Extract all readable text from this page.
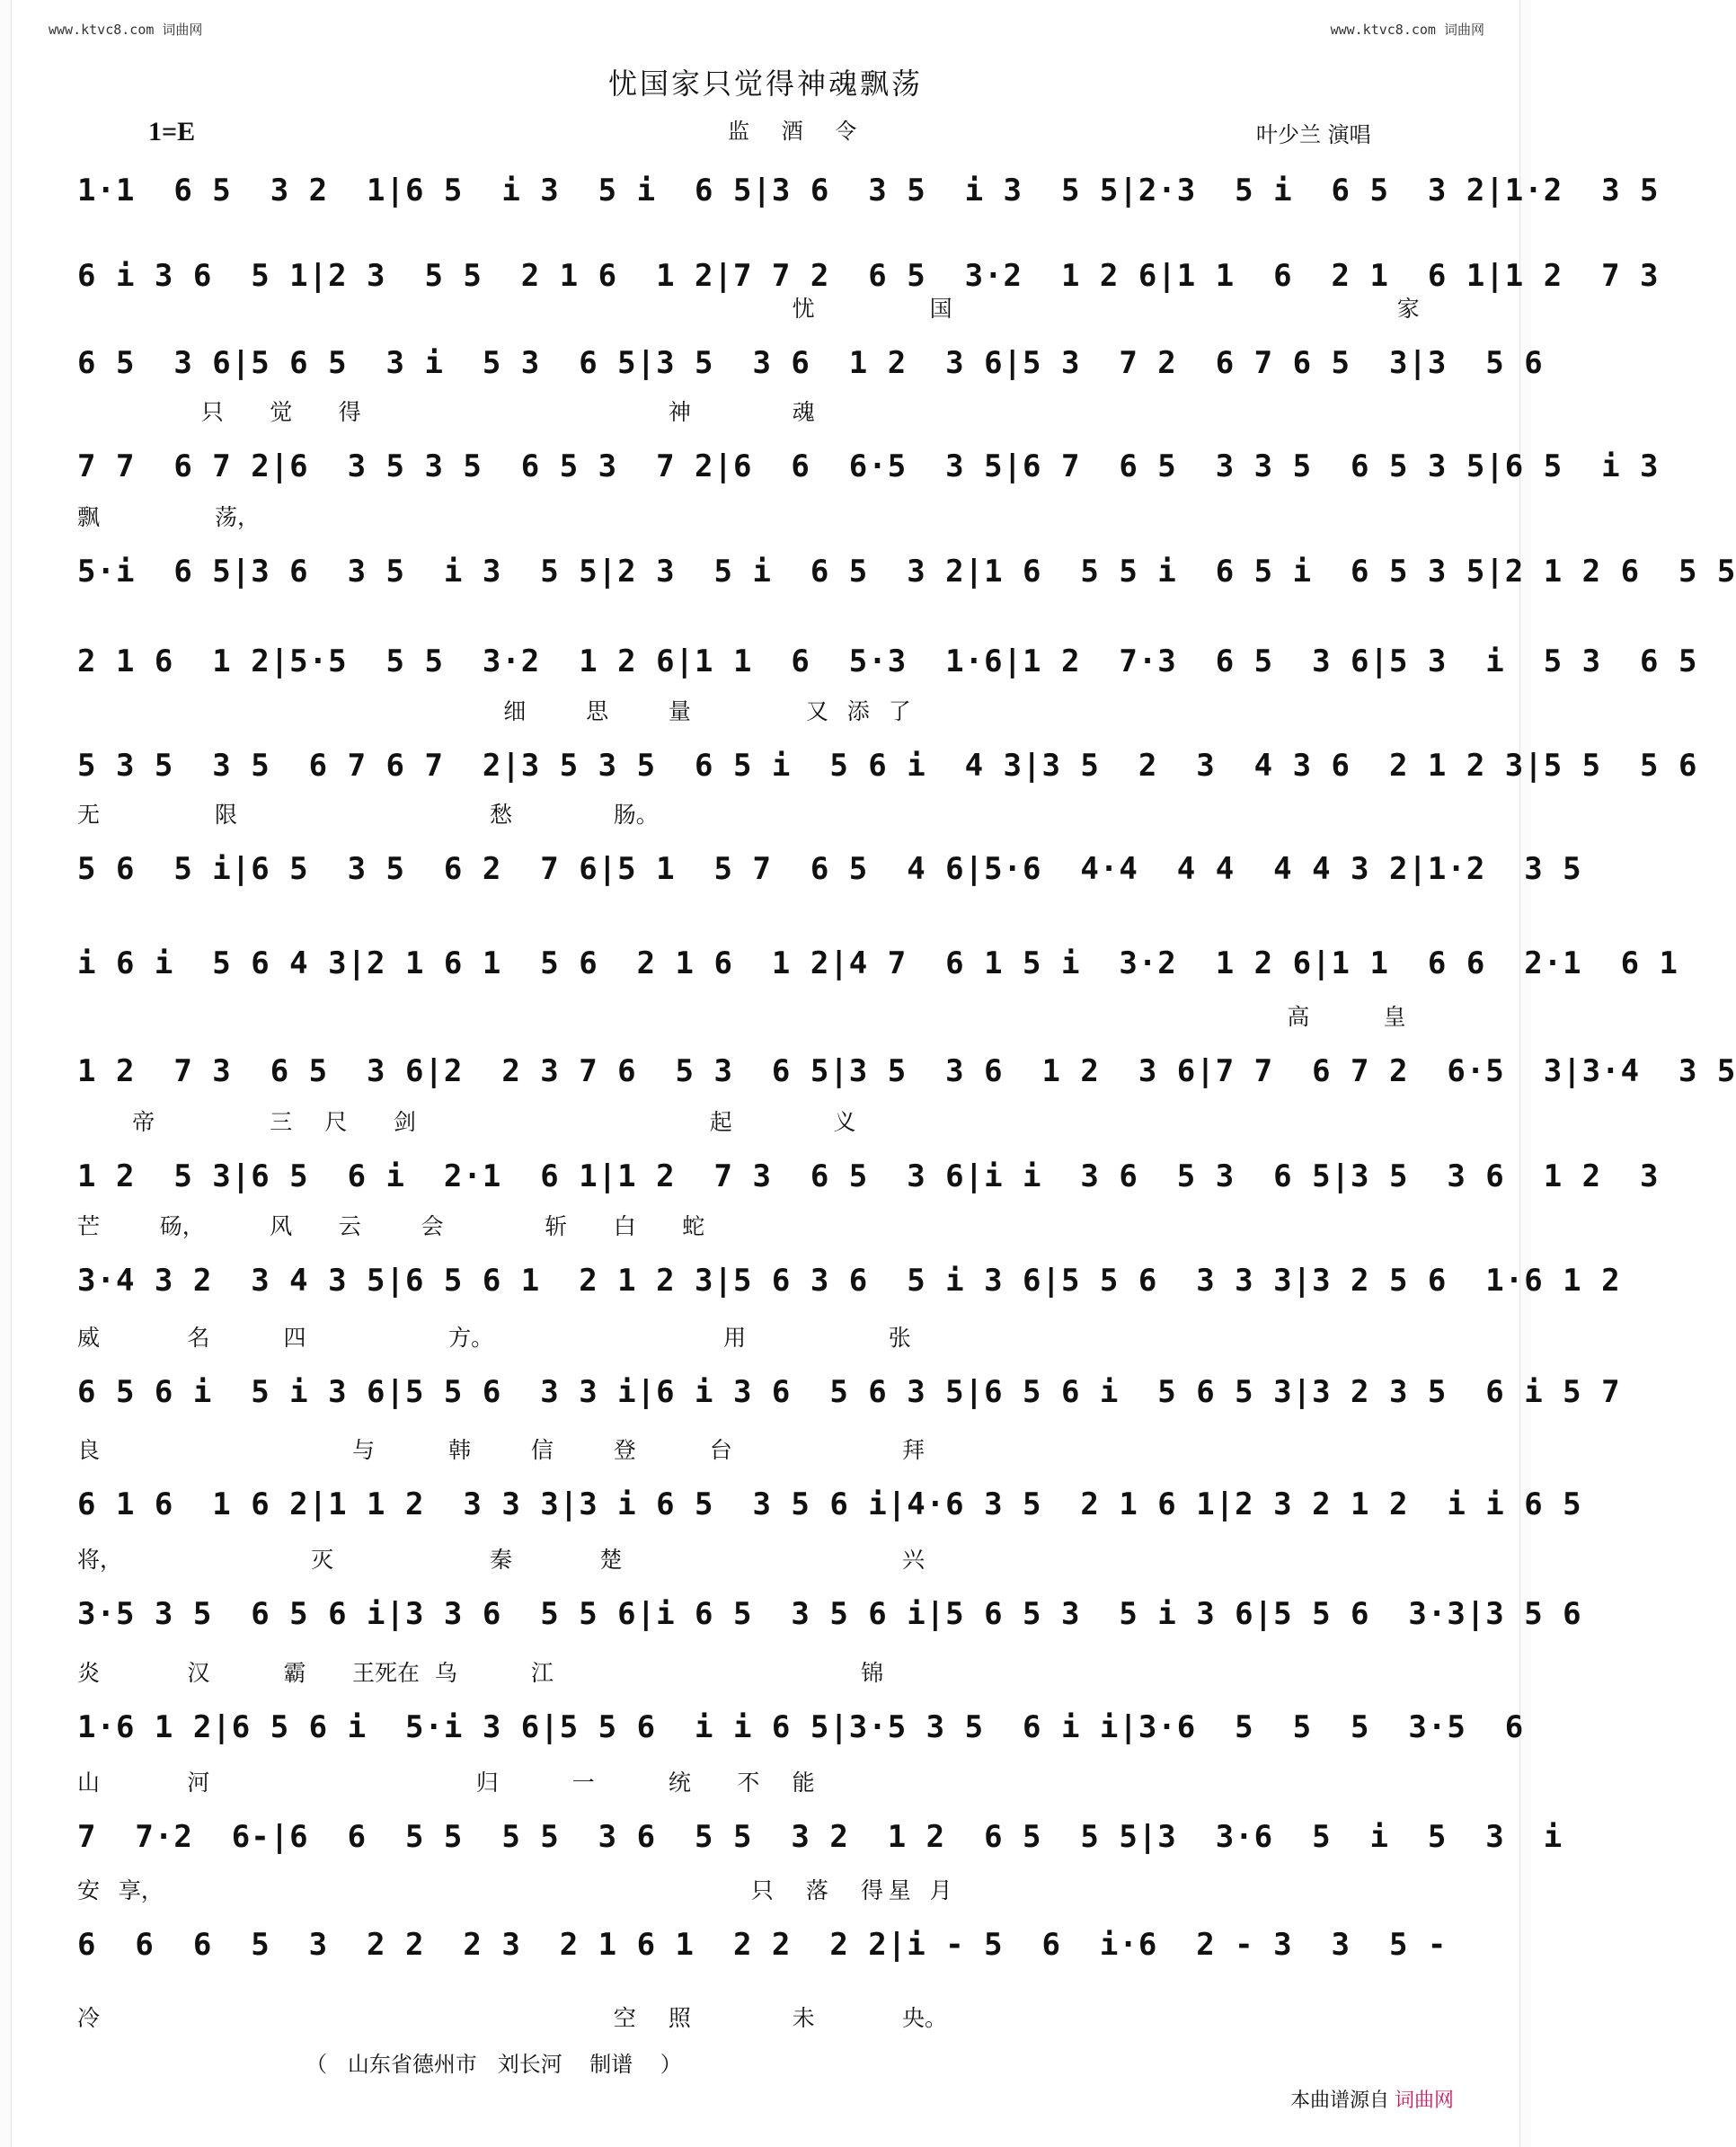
www.ktvc8.com 词曲网	www.ktvc8.com 词曲网
忧国家只觉得神魂飘荡
1=E	监 酒 令	叶少兰 演唱
1·1  6 5  3 2  1|6 5  i 3  5 i  6 5|3 6  3 5  i 3  5 5|2·3  5 i  6 5  3 2|1·2  3 5
6 i 3 6  5 1|2 3  5 5  2 1 6  1 2|7 7 2  6 5  3·2  1 2 6|1 1  6  2 1  6 1|1 2  7 3
6 5  3 6|5 6 5  3 i  5 3  6 5|3 5  3 6  1 2  3 6|5 3  7 2  6 7 6 5  3|3  5 6
忧	国	家
7 7  6 7 2|6  3 5 3 5  6 5 3  7 2|6  6  6·5  3 5|6 7  6 5  3 3 5  6 5 3 5|6 5  i 3
只 觉 得	神	魂
5·i  6 5|3 6  3 5  i 3  5 5|2 3  5 i  6 5  3 2|1 6  5 5 i  6 5 i  6 5 3 5|2 1 2 6  5 5
飘	荡，
2 1 6  1 2|5·5  5 5  3·2  1 2 6|1 1  6  5·3  1·6|1 2  7·3  6 5  3 6|5 3  i  5 3  6 5
5 3 5  3 5  6 7 6 7  2|3 5 3 5  6 5 i  5 6 i  4 3|3 5  2  3  4 3 6  2 1 2 3|5 5  5 6
细	思	量	又 添 了
5 6  5 i|6 5  3 5  6 2  7 6|5 1  5 7  6 5  4 6|5·6  4·4  4 4  4 4 3 2|1·2  3 5
无	限	愁	肠。
i 6 i  5 6 4 3|2 1 6 1  5 6  2 1 6  1 2|4 7  6 1 5 i  3·2  1 2 6|1 1  6 6  2·1  6 1
1 2  7 3  6 5  3 6|2  2 3 7 6  5 3  6 5|3 5  3 6  1 2  3 6|7 7  6 7 2  6·5  3|3·4  3 5
高	皇
1 2  5 3|6 5  6 i  2·1  6 1|1 2  7 3  6 5  3 6|i i  3 6  5 3  6 5|3 5  3 6  1 2  3
帝	三 尺 剑	起	义
3·4 3 2  3 4 3 5|6 5 6 1  2 1 2 3|5 6 3 6  5 i 3 6|5 5 6  3 3 3|3 2 5 6  1·6 1 2
芒	砀，	风 云	会	斩 白 蛇
6 5 6 i  5 i 3 6|5 5 6  3 3 i|6 i 3 6  5 6 3 5|6 5 6 i  5 6 5 3|3 2 3 5  6 i 5 7
威	名	四	方。	用	张
6 1 6  1 6 2|1 1 2  3 3 3|3 i 6 5  3 5 6 i|4·6 3 5  2 1 6 1|2 3 2 1 2  i i 6 5
良	与	韩	信	登	台	拜
3·5 3 5  6 5 6 i|3 3 6  5 5 6|i 6 5  3 5 6 i|5 6 5 3  5 i 3 6|5 5 6  3·3|3 5 6
将，	灭	秦	楚	兴
1·6 1 2|6 5 6 i  5·i 3 6|5 5 6  i i 6 5|3·5 3 5  6 i i|3·6  5  5  5  3·5  6
炎	汉	霸 王死在 乌	江	锦
7  7·2  6-|6  6  5 5  5 5  3 6  5 5  3 2  1 2  6 5  5 5|3  3·6  5  i  5  3  i
山	河	归	一	统 不 能
6  6  6  5  3  2 2  2 3  2 1 6 1  2 2  2 2|i - 5  6  i·6  2 - 3  3  5 -
安 享，	只 落 得 星 月
冷	空 照	未	央。
（   山东省德州市   刘长河    制谱    ）
本曲谱源自 词曲网
